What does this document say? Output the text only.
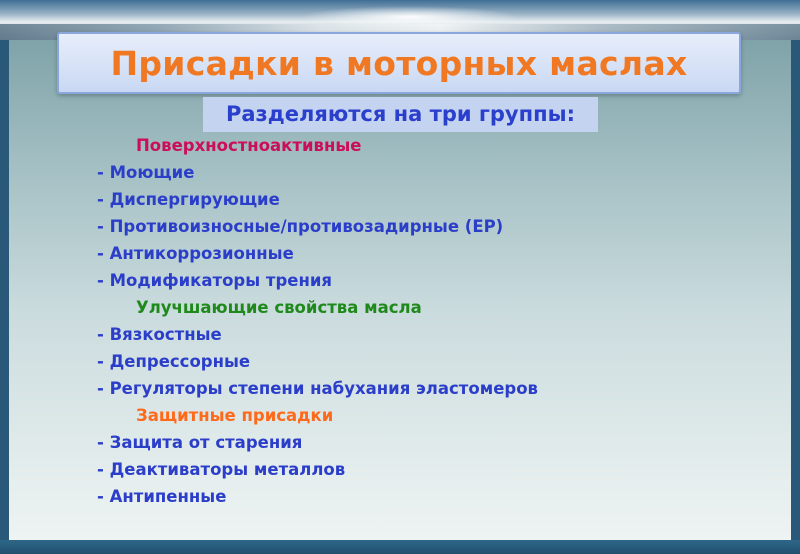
Присадки в моторных маслах
Поверхностноактивные
- Моющие
- Диспергирующие
- Противоизносные/противозадирные (ЕР)
- Антикоррозионные
- Модификаторы трения
Улучшающие свойства масла
- Вязкостные
- Депрессорные
- Регуляторы степени набухания эластомеров
Защитные присадки
- Защита от старения
- Деактиваторы металлов
- Антипенные
Разделяются на три группы:
